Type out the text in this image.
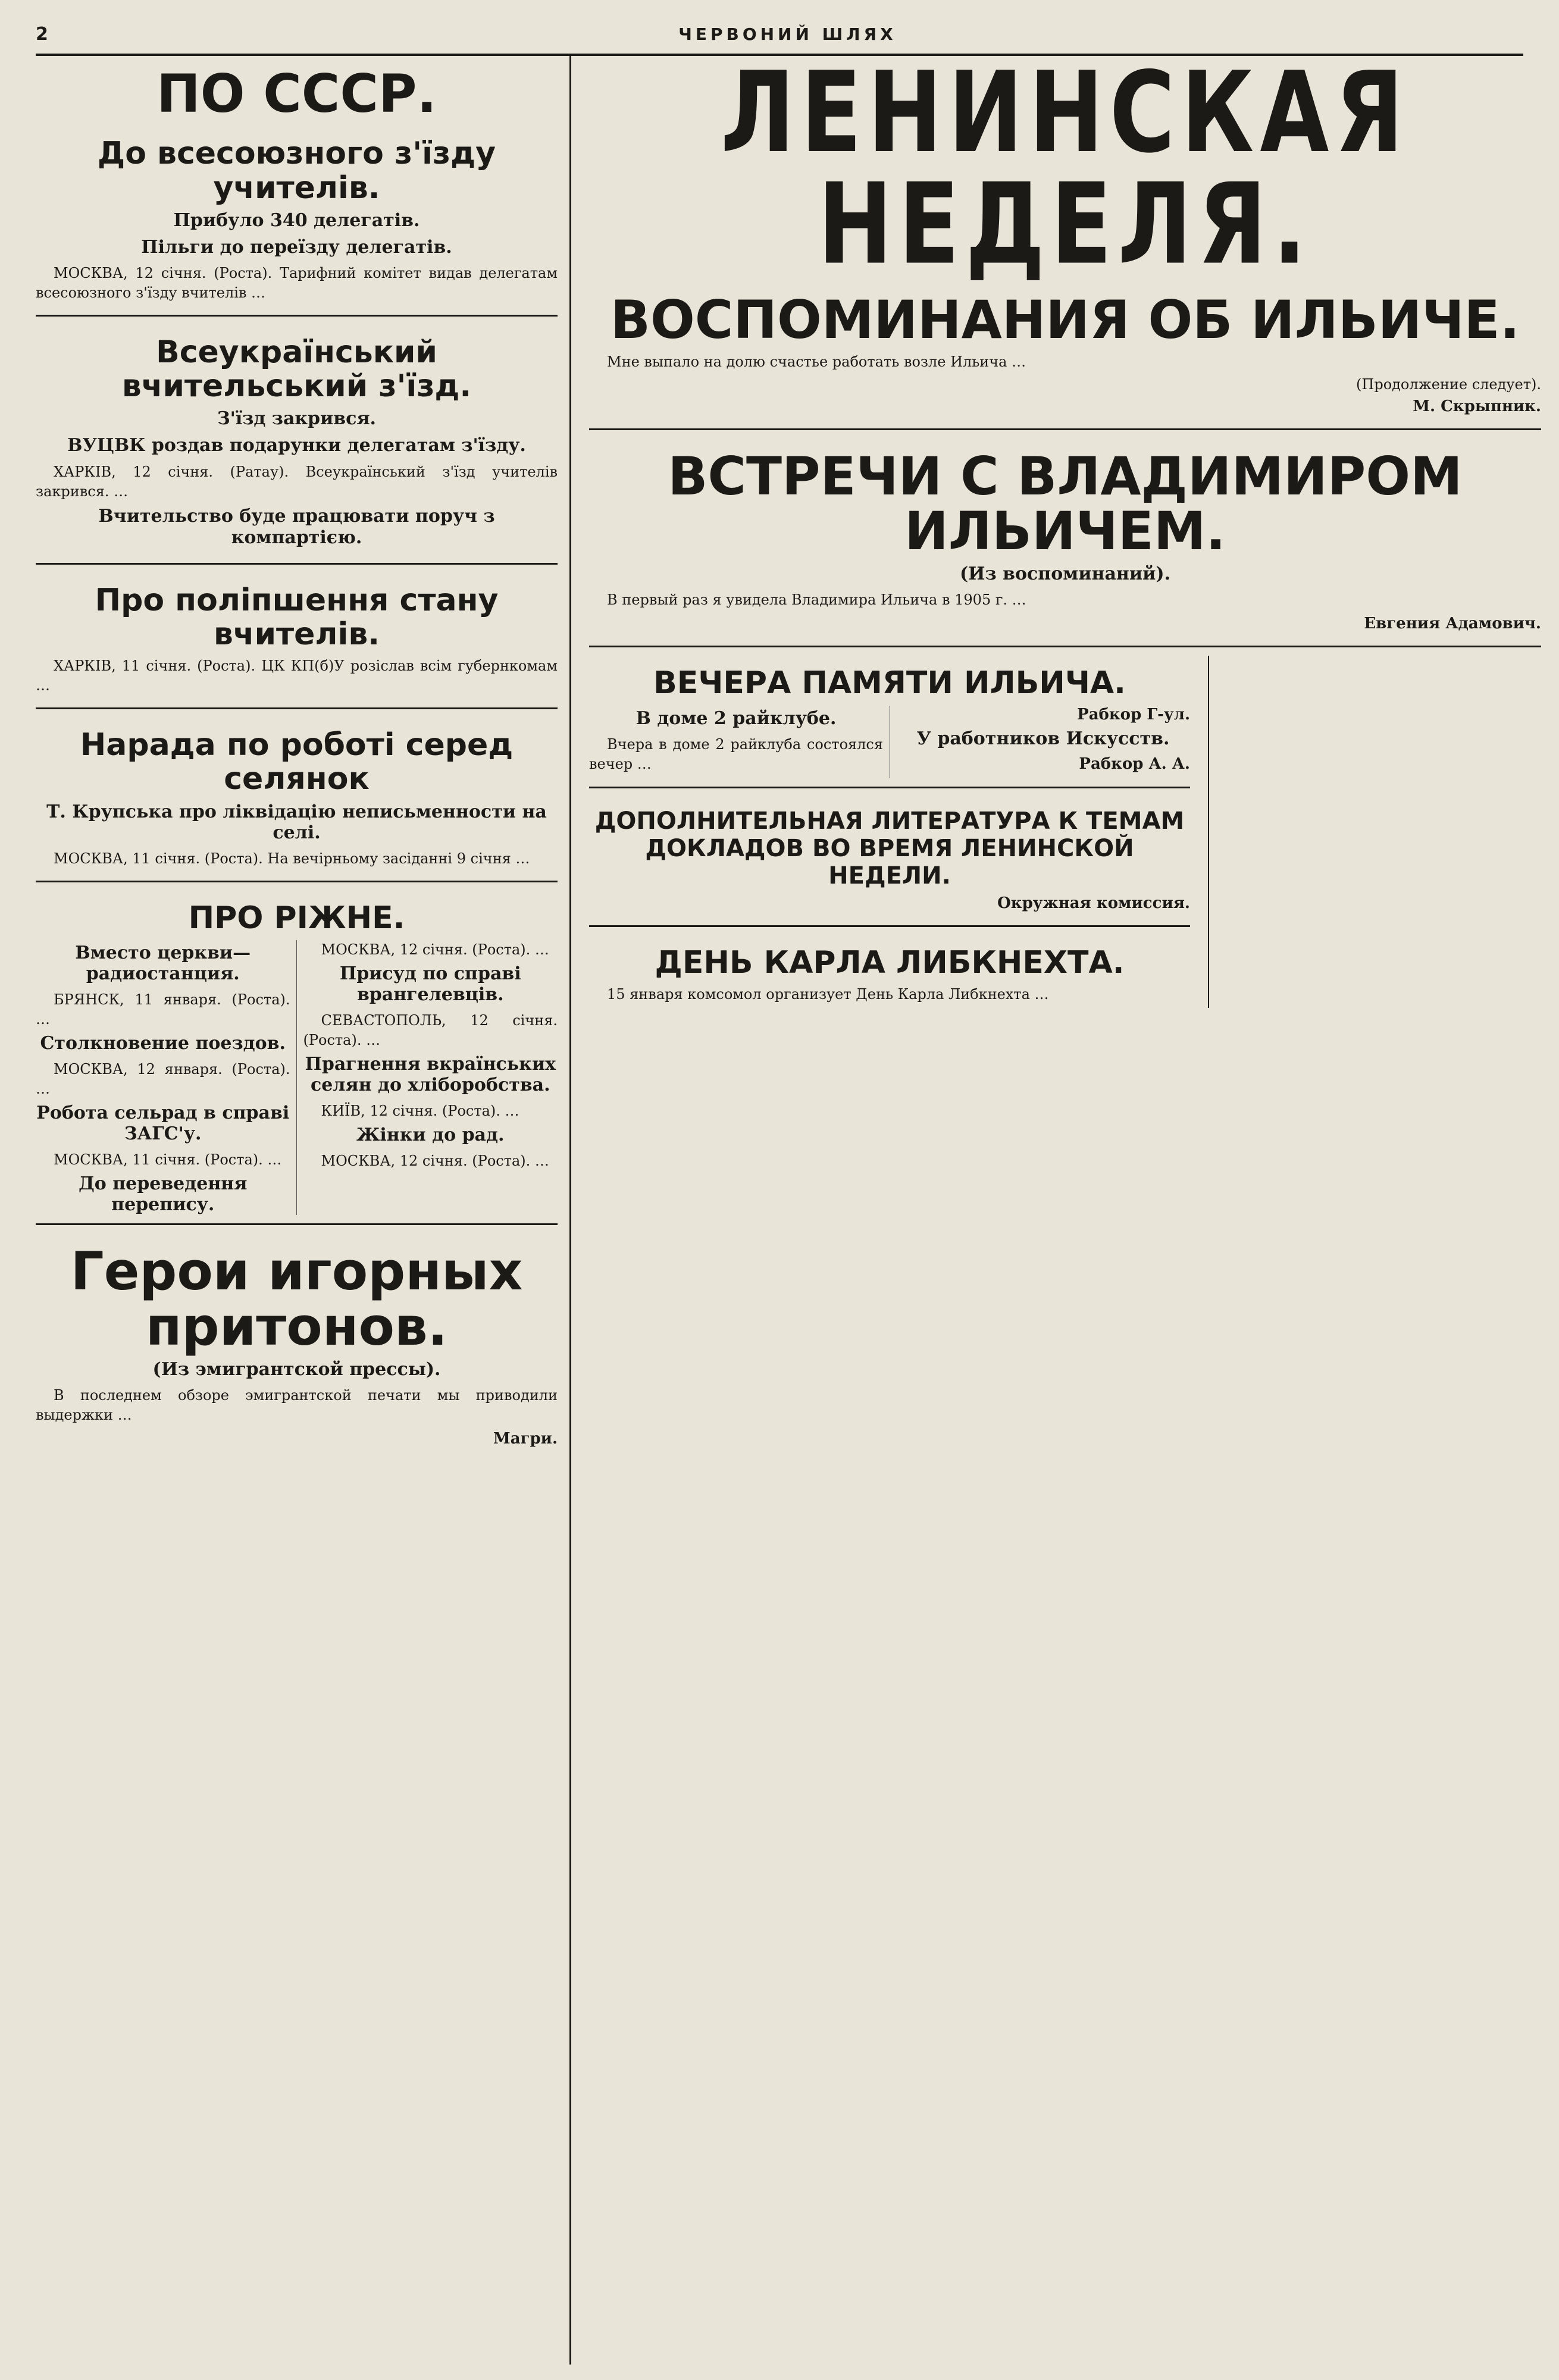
2	ЧЕРВОНИЙ ШЛЯХ
ПО СССР.
До всесоюзного з'їзду учителів.
Прибуло 340 делегатів.
Пільги до переїзду делегатів.

МОСКВА, 12 січня. (Роста). Тарифний комітет видав делегатам всесоюзного з'їзду вчителів …

Всеукраїнський вчительський з'їзд.
З'їзд закрився.
ВУЦВК роздав подарунки делегатам з'їзду.

ХАРКІВ, 12 січня. (Ратау). Всеукраїнський з'їзд учителів закрився. …

Вчительство буде працювати поруч з компартією.
Про поліпшення стану вчителів.

ХАРКІВ, 11 січня. (Роста). ЦК КП(б)У розіслав всім губернкомам …

Нарада по роботі серед селянок
Т. Крупська про ліквідацію неписьменности на селі.

МОСКВА, 11 січня. (Роста). На вечірньому засіданні 9 січня …

ПРО РІЖНЕ.
Вместо церкви—радиостанция.

БРЯНСК, 11 января. (Роста). …

Столкновение поездов.

МОСКВА, 12 января. (Роста). …

Робота сельрад в справі ЗАГС'у.

МОСКВА, 11 січня. (Роста). …

До переведення перепису.

МОСКВА, 12 січня. (Роста). …

Присуд по справі врангелевців.

СЕВАСТОПОЛЬ, 12 січня. (Роста). …

Прагнення вкраїнських селян до хліборобства.

КИЇВ, 12 січня. (Роста). …

Жінки до рад.

МОСКВА, 12 січня. (Роста). …

Герои игорных притонов.
(Из эмигрантской прессы).

В последнем обзоре эмигрантской печати мы приводили выдержки …

Магри.
ЛЕНИНСКАЯ НЕДЕЛЯ.
ВОСПОМИНАНИЯ ОБ ИЛЬИЧЕ.

Мне выпало на долю счастье работать возле Ильича …

(Продолжение следует).
М. Скрыпник.
ВСТРЕЧИ С ВЛАДИМИРОМ ИЛЬИЧЕМ.
(Из воспоминаний).

В первый раз я увидела Владимира Ильича в 1905 г. …

Евгения Адамович.
ВЕЧЕРА ПАМЯТИ ИЛЬИЧА.
В доме 2 райклубе.

Вчера в доме 2 райклуба состоялся вечер …

Рабкор Г-ул.
У работников Искусств.
Рабкор А. А.
ДОПОЛНИТЕЛЬНАЯ ЛИТЕРАТУРА К ТЕМАМ ДОКЛАДОВ ВО ВРЕМЯ ЛЕНИНСКОЙ НЕДЕЛИ.
Окружная комиссия.
ДЕНЬ КАРЛА ЛИБКНЕХТА.

15 января комсомол организует День Карла Либкнехта …
